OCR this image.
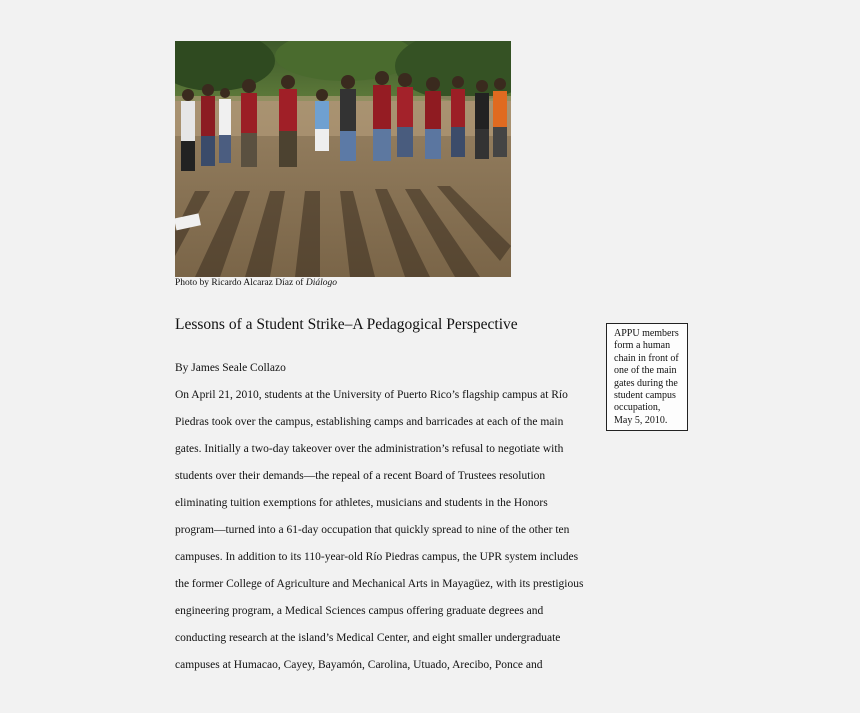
Photo by Ricardo Alcaraz Díaz of Diálogo
Lessons of a Student Strike–A Pedagogical Perspective
By James Seale Collazo
On April 21, 2010, students at the University of Puerto Rico’s flagship campus at Río
Piedras took over the campus, establishing camps and barricades at each of the main
gates. Initially a two-day takeover over the administration’s refusal to negotiate with
students over their demands—the repeal of a recent Board of Trustees resolution
eliminating tuition exemptions for athletes, musicians and students in the Honors
program—turned into a 61-day occupation that quickly spread to nine of the other ten
campuses. In addition to its 110-year-old Río Piedras campus, the UPR system includes
the former College of Agriculture and Mechanical Arts in Mayagüez, with its prestigious
engineering program, a Medical Sciences campus offering graduate degrees and
conducting research at the island’s Medical Center, and eight smaller undergraduate
campuses at Humacao, Cayey, Bayamón, Carolina, Utuado, Arecibo, Ponce and
APPU members form a human chain in front of one of the main gates during the student campus occupation, May 5, 2010.
